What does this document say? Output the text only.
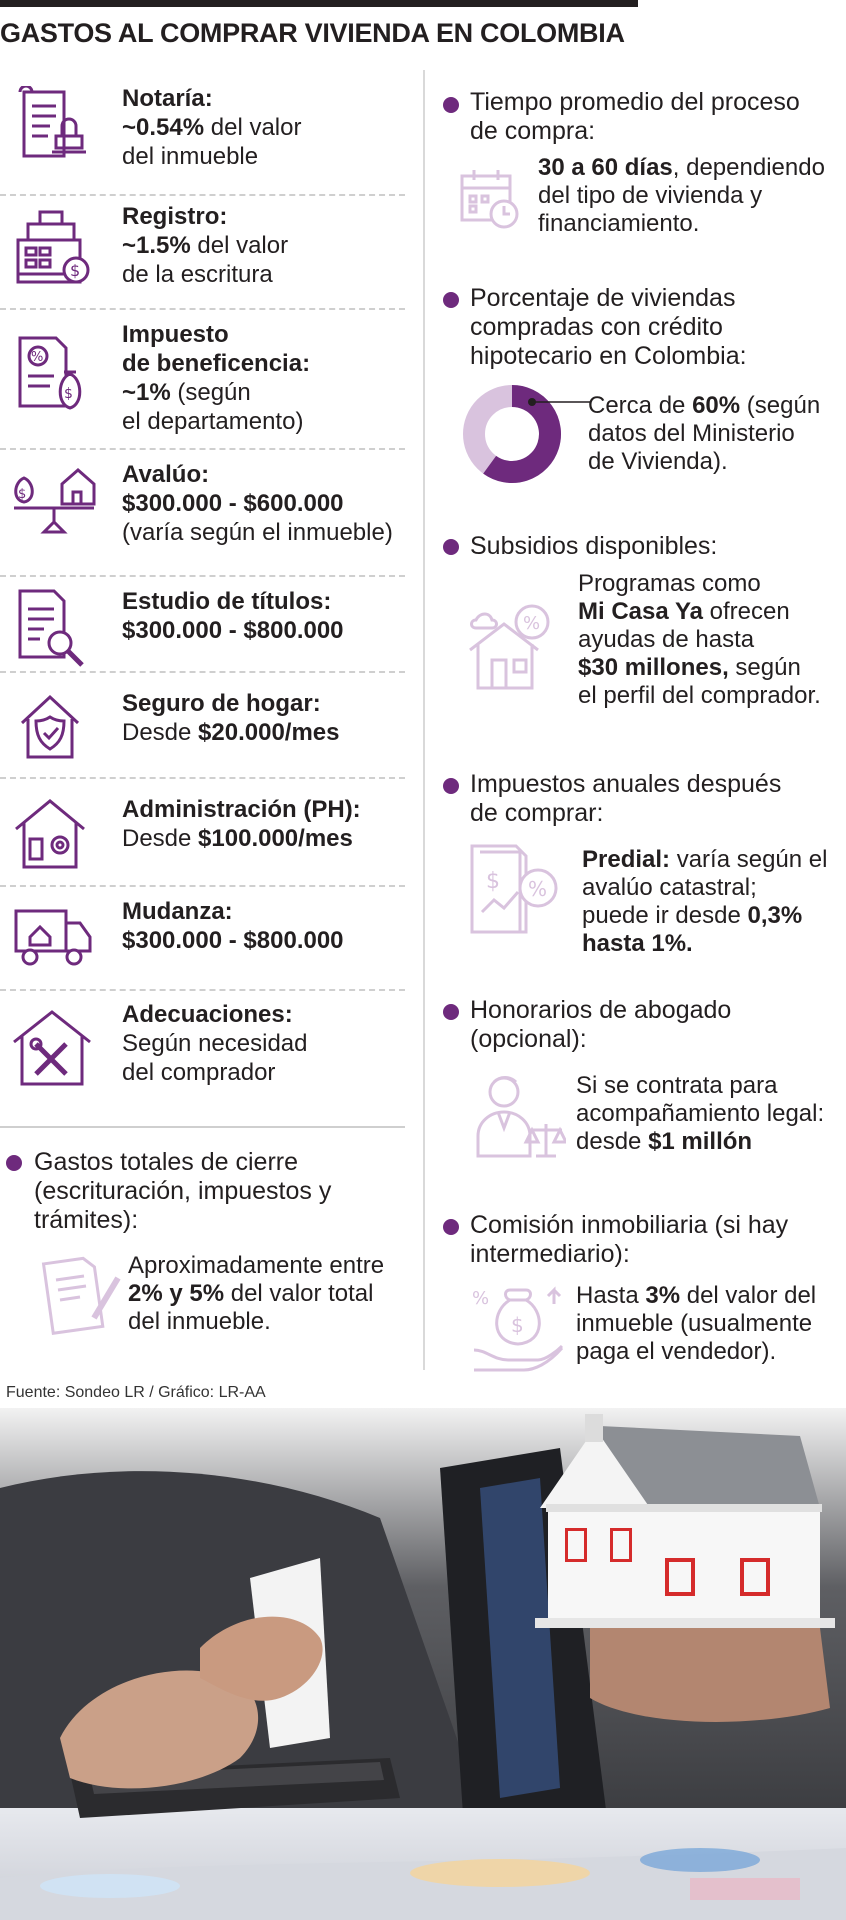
GASTOS AL COMPRAR VIVIENDA EN COLOMBIA
Notaría:
~0.54% del valor
del inmueble
$
Registro:
~1.5% del valor
de la escritura
%
$
Impuesto
de beneficencia:
~1% (según
el departamento)
$
Avalúo:
$300.000 - $600.000
(varía según el inmueble)
Estudio de títulos:
$300.000 - $800.000
Seguro de hogar:
Desde $20.000/mes
Administración (PH):
Desde $100.000/mes
Mudanza:
$300.000 - $800.000
Adecuaciones:
Según necesidad
del comprador
Gastos totales de cierre
(escrituración, impuestos y
trámites):
Aproximadamente entre
2% y 5% del valor total
del inmueble.
Tiempo promedio del proceso
de compra:
30 a 60 días, dependiendo
del tipo de vivienda y
financiamiento.
Porcentaje de viviendas
compradas con crédito
hipotecario en Colombia:
Cerca de 60% (según
datos del Ministerio
de Vivienda).
Subsidios disponibles:
%
Programas como
Mi Casa Ya ofrecen
ayudas de hasta
$30 millones, según
el perfil del comprador.
Impuestos anuales después
de comprar:
$ %
Predial: varía según el
avalúo catastral;
puede ir desde 0,3%
hasta 1%.
Honorarios de abogado
(opcional):
Si se contrata para
acompañamiento legal:
desde $1 millón
Comisión inmobiliaria (si hay
intermediario):
$
%	Hasta 3% del valor del
inmueble (usualmente
paga el vendedor).
Fuente: Sondeo LR / Gráfico: LR-AA
